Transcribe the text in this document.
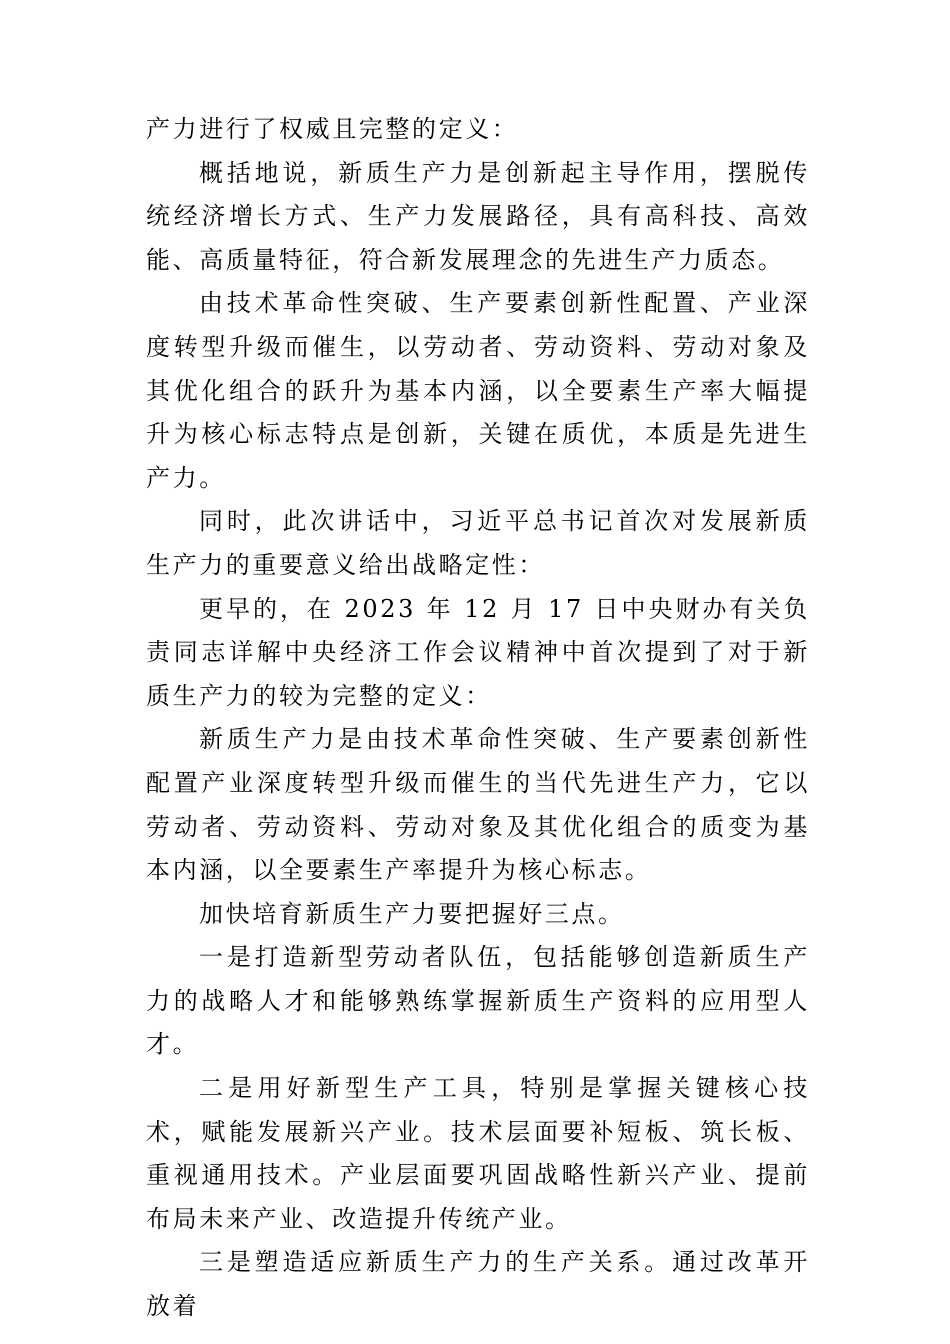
产力进行了权威且完整的定义：

概括地说，新质生产力是创新起主导作用，摆脱传统经济增长方式、生产力发展路径，具有高科技、高效能、高质量特征，符合新发展理念的先进生产力质态。

由技术革命性突破、生产要素创新性配置、产业深度转型升级而催生，以劳动者、劳动资料、劳动对象及其优化组合的跃升为基本内涵，以全要素生产率大幅提升为核心标志特点是创新，关键在质优，本质是先进生产力。

同时，此次讲话中，习近平总书记首次对发展新质生产力的重要意义给出战略定性：

更早的，在 2023 年 12 月 17 日中央财办有关负责同志详解中央经济工作会议精神中首次提到了对于新质生产力的较为完整的定义：

新质生产力是由技术革命性突破、生产要素创新性配置产业深度转型升级而催生的当代先进生产力，它以劳动者、劳动资料、劳动对象及其优化组合的质变为基本内涵，以全要素生产率提升为核心标志。

加快培育新质生产力要把握好三点。

一是打造新型劳动者队伍，包括能够创造新质生产力的战略人才和能够熟练掌握新质生产资料的应用型人才。

二是用好新型生产工具，特别是掌握关键核心技术，赋能发展新兴产业。技术层面要补短板、筑长板、重视通用技术。产业层面要巩固战略性新兴产业、提前布局未来产业、改造提升传统产业。

三是塑造适应新质生产力的生产关系。通过改革开放着
